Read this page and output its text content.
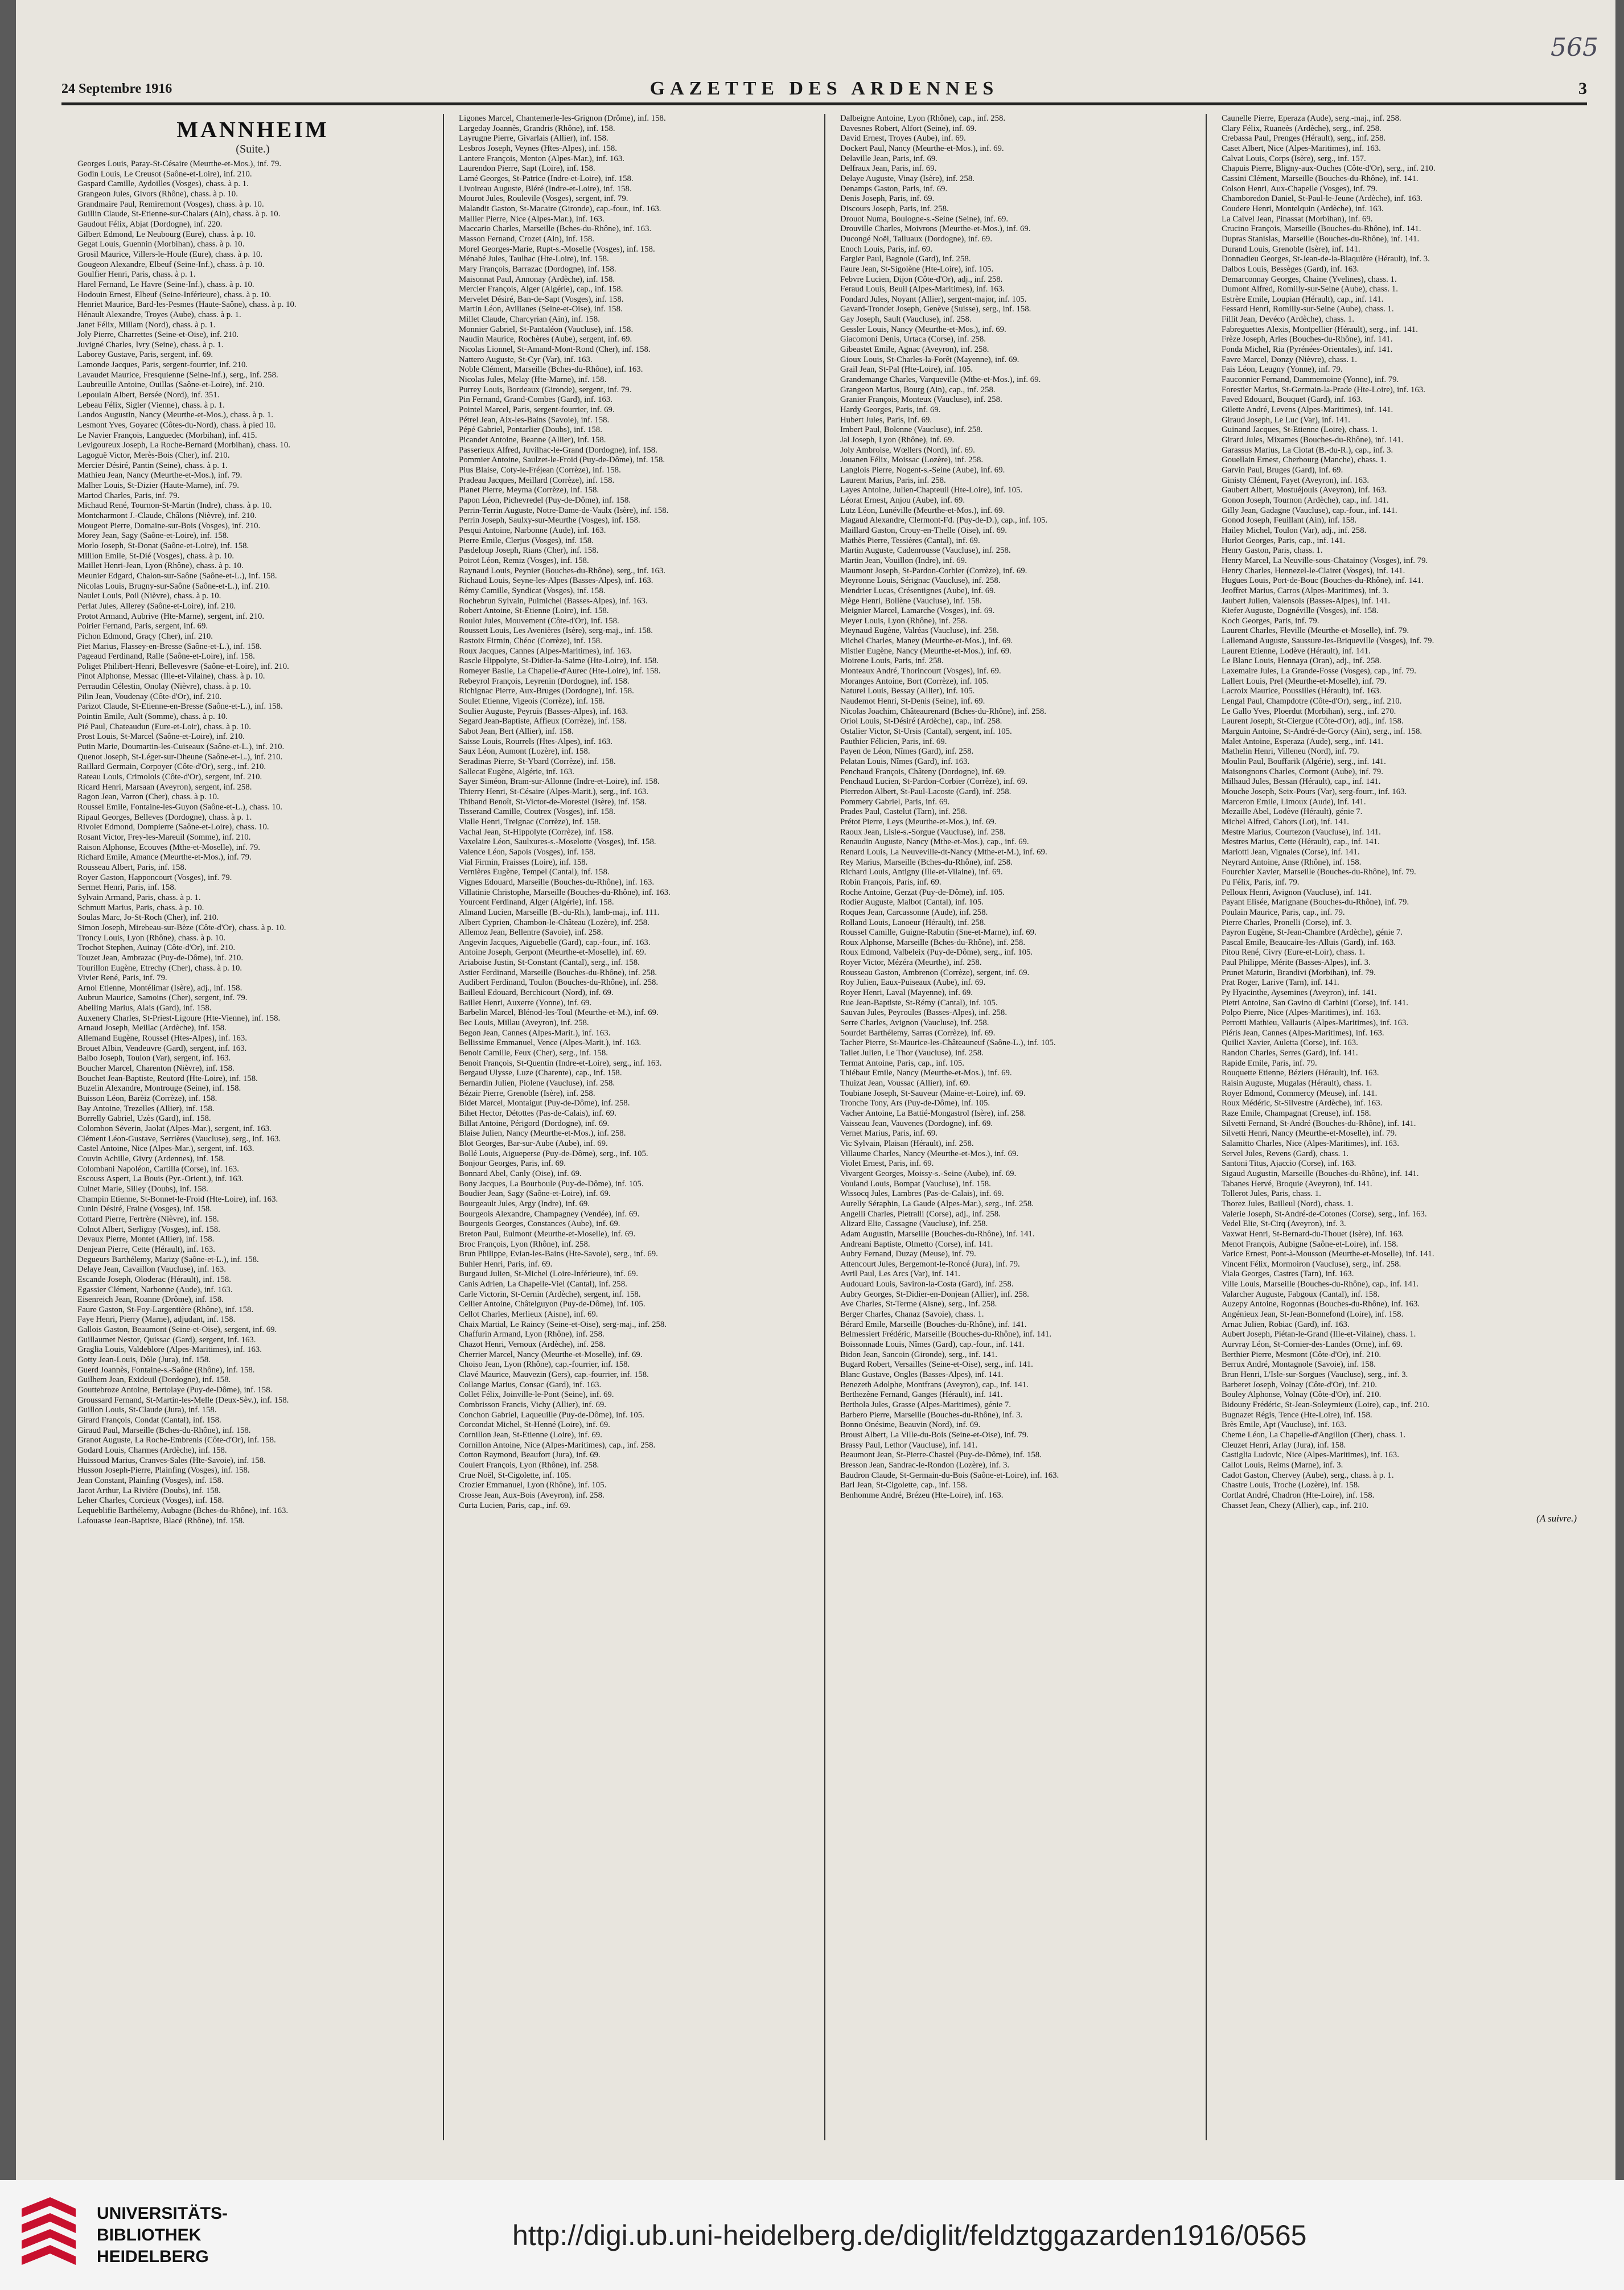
565
24 Septembre 1916	GAZETTE DES ARDENNES	3
MANNHEIM
(Suite.)
Georges Louis, Paray-St-Césaire (Meurthe-et-Mos.), inf. 79.
Godin Louis, Le Creusot (Saône-et-Loire), inf. 210.
Gaspard Camille, Aydoilles (Vosges), chass. à p. 1.
Grangeon Jules, Givors (Rhône), chass. à p. 10.
Grandmaire Paul, Remiremont (Vosges), chass. à p. 10.
Guillin Claude, St-Etienne-sur-Chalars (Ain), chass. à p. 10.
Gaudout Félix, Abjat (Dordogne), inf. 220.
Gilbert Edmond, Le Neubourg (Eure), chass. à p. 10.
Gegat Louis, Guennin (Morbihan), chass. à p. 10.
Grosil Maurice, Villers-le-Houle (Eure), chass. à p. 10.
Gougeon Alexandre, Elbeuf (Seine-Inf.), chass. à p. 10.
Goulfier Henri, Paris, chass. à p. 1.
Harel Fernand, Le Havre (Seine-Inf.), chass. à p. 10.
Hodouin Ernest, Elbeuf (Seine-Inférieure), chass. à p. 10.
Henriet Maurice, Bard-les-Pesmes (Haute-Saône), chass. à p. 10.
Hénault Alexandre, Troyes (Aube), chass. à p. 1.
Janet Félix, Millam (Nord), chass. à p. 1.
Joly Pierre, Charrettes (Seine-et-Oise), inf. 210.
Juvigné Charles, Ivry (Seine), chass. à p. 1.
Laborey Gustave, Paris, sergent, inf. 69.
Lamonde Jacques, Paris, sergent-fourrier, inf. 210.
Lavaudet Maurice, Fresquienne (Seine-Inf.), serg., inf. 258.
Laubreuille Antoine, Ouillas (Saône-et-Loire), inf. 210.
Lepoulain Albert, Bersée (Nord), inf. 351.
Lebeau Félix, Sigler (Vienne), chass. à p. 1.
Landos Augustin, Nancy (Meurthe-et-Mos.), chass. à p. 1.
Lesmont Yves, Goyarec (Côtes-du-Nord), chass. à pied 10.
Le Navier François, Languedec (Morbihan), inf. 415.
Levigoureux Joseph, La Roche-Bernard (Morbihan), chass. 10.
Lagoguë Victor, Merès-Bois (Cher), inf. 210.
Mercier Désiré, Pantin (Seine), chass. à p. 1.
Mathieu Jean, Nancy (Meurthe-et-Mos.), inf. 79.
Malher Louis, St-Dizier (Haute-Marne), inf. 79.
Martod Charles, Paris, inf. 79.
Michaud René, Tournon-St-Martin (Indre), chass. à p. 10.
Montcharmont J.-Claude, Châlons (Nièvre), inf. 210.
Mougeot Pierre, Domaine-sur-Bois (Vosges), inf. 210.
Morey Jean, Sagy (Saône-et-Loire), inf. 158.
Morlo Joseph, St-Donat (Saône-et-Loire), inf. 158.
Million Emile, St-Dié (Vosges), chass. à p. 10.
Maillet Henri-Jean, Lyon (Rhône), chass. à p. 10.
Meunier Edgard, Chalon-sur-Saône (Saône-et-L.), inf. 158.
Nicolas Louis, Brugny-sur-Saône (Saône-et-L.), inf. 210.
Naulet Louis, Poil (Nièvre), chass. à p. 10.
Perlat Jules, Allerey (Saône-et-Loire), inf. 210.
Protot Armand, Aubrive (Hte-Marne), sergent, inf. 210.
Poirier Fernand, Paris, sergent, inf. 69.
Pichon Edmond, Graçy (Cher), inf. 210.
Piet Marius, Flassey-en-Bresse (Saône-et-L.), inf. 158.
Pageaud Ferdinand, Ralle (Saône-et-Loire), inf. 158.
Poliget Philibert-Henri, Bellevesvre (Saône-et-Loire), inf. 210.
Pinot Alphonse, Messac (Ille-et-Vilaine), chass. à p. 10.
Perraudin Célestin, Onolay (Nièvre), chass. à p. 10.
Pilin Jean, Voudenay (Côte-d'Or), inf. 210.
Parizot Claude, St-Etienne-en-Bresse (Saône-et-L.), inf. 158.
Pointin Emile, Ault (Somme), chass. à p. 10.
Pié Paul, Chateaudun (Eure-et-Loir), chass. à p. 10.
Prost Louis, St-Marcel (Saône-et-Loire), inf. 210.
Putin Marie, Doumartin-les-Cuiseaux (Saône-et-L.), inf. 210.
Quenot Joseph, St-Léger-sur-Dheune (Saône-et-L.), inf. 210.
Raillard Germain, Corpoyer (Côte-d'Or), serg., inf. 210.
Rateau Louis, Crimolois (Côte-d'Or), sergent, inf. 210.
Ricard Henri, Marsaan (Aveyron), sergent, inf. 258.
Ragon Jean, Varron (Cher), chass. à p. 10.
Roussel Emile, Fontaine-les-Guyon (Saône-et-L.), chass. 10.
Ripaul Georges, Belleves (Dordogne), chass. à p. 1.
Rivolet Edmond, Dompierre (Saône-et-Loire), chass. 10.
Rosant Victor, Frey-les-Mareuil (Somme), inf. 210.
Raison Alphonse, Ecouves (Mthe-et-Moselle), inf. 79.
Richard Emile, Amance (Meurthe-et-Mos.), inf. 79.
Rousseau Albert, Paris, inf. 158.
Royer Gaston, Happoncourt (Vosges), inf. 79.
Sermet Henri, Paris, inf. 158.
Sylvain Armand, Paris, chass. à p. 1.
Schmutt Marius, Paris, chass. à p. 10.
Soulas Marc, Jo-St-Roch (Cher), inf. 210.
Simon Joseph, Mirebeau-sur-Bèze (Côte-d'Or), chass. à p. 10.
Troncy Louis, Lyon (Rhône), chass. à p. 10.
Trochot Stephen, Auinay (Côte-d'Or), inf. 210.
Touzet Jean, Ambrazac (Puy-de-Dôme), inf. 210.
Tourillon Eugène, Etrechy (Cher), chass. à p. 10.
Vivier René, Paris, inf. 79.
Arnol Etienne, Montélimar (Isère), adj., inf. 158.
Aubrun Maurice, Samoins (Cher), sergent, inf. 79.
Abeiling Marius, Alais (Gard), inf. 158.
Auxenery Charles, St-Priest-Ligoure (Hte-Vienne), inf. 158.
Arnaud Joseph, Meillac (Ardèche), inf. 158.
Allemand Eugène, Roussel (Htes-Alpes), inf. 163.
Brouet Albin, Vendeuvre (Gard), sergent, inf. 163.
Balbo Joseph, Toulon (Var), sergent, inf. 163.
Boucher Marcel, Charenton (Nièvre), inf. 158.
Bouchet Jean-Baptiste, Reutord (Hte-Loire), inf. 158.
Buzelin Alexandre, Montrouge (Seine), inf. 158.
Buisson Léon, Barèiz (Corrèze), inf. 158.
Bay Antoine, Trezelles (Allier), inf. 158.
Borrelly Gabriel, Uzès (Gard), inf. 158.
Colombon Séverin, Jaolat (Alpes-Mar.), sergent, inf. 163.
Clément Léon-Gustave, Serrières (Vaucluse), serg., inf. 163.
Castel Antoine, Nice (Alpes-Mar.), sergent, inf. 163.
Couvin Achille, Givry (Ardennes), inf. 158.
Colombani Napoléon, Cartilla (Corse), inf. 163.
Escouss Aspert, La Bouis (Pyr.-Orient.), inf. 163.
Culnet Marie, Silley (Doubs), inf. 158.
Champin Etienne, St-Bonnet-le-Froid (Hte-Loire), inf. 163.
Cunin Désiré, Fraine (Vosges), inf. 158.
Cottard Pierre, Fertrère (Nièvre), inf. 158.
Colnot Albert, Serligny (Vosges), inf. 158.
Devaux Pierre, Montet (Allier), inf. 158.
Denjean Pierre, Cette (Hérault), inf. 163.
Degueurs Barthélemy, Marizy (Saône-et-L.), inf. 158.
Delaye Jean, Cavaillon (Vaucluse), inf. 163.
Escande Joseph, Oloderac (Hérault), inf. 158.
Egassier Clément, Narbonne (Aude), inf. 163.
Eisenreich Jean, Roanne (Drôme), inf. 158.
Faure Gaston, St-Foy-Largentière (Rhône), inf. 158.
Faye Henri, Pierry (Marne), adjudant, inf. 158.
Gallois Gaston, Beaumont (Seine-et-Oise), sergent, inf. 69.
Guillaumet Nestor, Quissac (Gard), sergent, inf. 163.
Graglia Louis, Valdeblore (Alpes-Maritimes), inf. 163.
Gotty Jean-Louis, Dôle (Jura), inf. 158.
Guerd Joannès, Fontaine-s.-Saône (Rhône), inf. 158.
Guilhem Jean, Exideuil (Dordogne), inf. 158.
Gouttebroze Antoine, Bertolaye (Puy-de-Dôme), inf. 158.
Groussard Fernand, St-Martin-les-Melle (Deux-Sèv.), inf. 158.
Guillon Louis, St-Claude (Jura), inf. 158.
Girard François, Condat (Cantal), inf. 158.
Giraud Paul, Marseille (Bches-du-Rhône), inf. 158.
Granot Auguste, La Roche-Embrenis (Côte-d'Or), inf. 158.
Godard Louis, Charmes (Ardèche), inf. 158.
Huissoud Marius, Cranves-Sales (Hte-Savoie), inf. 158.
Husson Joseph-Pierre, Plainfing (Vosges), inf. 158.
Jean Constant, Plainfing (Vosges), inf. 158.
Jacot Arthur, La Rivière (Doubs), inf. 158.
Leher Charles, Corcieux (Vosges), inf. 158.
Lequeblifie Barthélemy, Aubagne (Bches-du-Rhône), inf. 163.
Lafouasse Jean-Baptiste, Blacé (Rhône), inf. 158.
Ligones Marcel, Chantemerle-les-Grignon (Drôme), inf. 158.
Largeday Joannès, Grandris (Rhône), inf. 158.
Layrugne Pierre, Givarlais (Allier), inf. 158.
Lesbros Joseph, Veynes (Htes-Alpes), inf. 158.
Lantere François, Menton (Alpes-Mar.), inf. 163.
Laurendon Pierre, Sapt (Loire), inf. 158.
Lamé Georges, St-Patrice (Indre-et-Loire), inf. 158.
Livoireau Auguste, Bléré (Indre-et-Loire), inf. 158.
Mourot Jules, Roulevile (Vosges), sergent, inf. 79.
Malandit Gaston, St-Macaire (Gironde), cap.-four., inf. 163.
Mallier Pierre, Nice (Alpes-Mar.), inf. 163.
Maccario Charles, Marseille (Bches-du-Rhône), inf. 163.
Masson Fernand, Crozet (Ain), inf. 158.
Morel Georges-Marie, Rupt-s.-Moselle (Vosges), inf. 158.
Ménabé Jules, Taulhac (Hte-Loire), inf. 158.
Mary François, Barrazac (Dordogne), inf. 158.
Maisonnat Paul, Annonay (Ardèche), inf. 158.
Mercier François, Alger (Algérie), cap., inf. 158.
Mervelet Désiré, Ban-de-Sapt (Vosges), inf. 158.
Martin Léon, Avillanes (Seine-et-Oise), inf. 158.
Millet Claude, Charcyrian (Ain), inf. 158.
Monnier Gabriel, St-Pantaléon (Vaucluse), inf. 158.
Naudin Maurice, Rochères (Aube), sergent, inf. 69.
Nicolas Lionnel, St-Amand-Mont-Rond (Cher), inf. 158.
Nattero Auguste, St-Cyr (Var), inf. 163.
Noble Clément, Marseille (Bches-du-Rhône), inf. 163.
Nicolas Jules, Melay (Hte-Marne), inf. 158.
Purrey Louis, Bordeaux (Gironde), sergent, inf. 79.
Pin Fernand, Grand-Combes (Gard), inf. 163.
Pointel Marcel, Paris, sergent-fourrier, inf. 69.
Pétrel Jean, Aix-les-Bains (Savoie), inf. 158.
Pépé Gabriel, Pontarlier (Doubs), inf. 158.
Picandet Antoine, Beanne (Allier), inf. 158.
Passerieux Alfred, Juvilhac-le-Grand (Dordogne), inf. 158.
Pommier Antoine, Saulzet-le-Froid (Puy-de-Dôme), inf. 158.
Pius Blaise, Coty-le-Fréjean (Corrèze), inf. 158.
Pradeau Jacques, Meillard (Corrèze), inf. 158.
Pianet Pierre, Meyma (Corrèze), inf. 158.
Papon Léon, Pichevredel (Puy-de-Dôme), inf. 158.
Perrin-Terrin Auguste, Notre-Dame-de-Vaulx (Isère), inf. 158.
Perrin Joseph, Saulxy-sur-Meurthe (Vosges), inf. 158.
Pesqui Antoine, Narbonne (Aude), inf. 163.
Pierre Emile, Clerjus (Vosges), inf. 158.
Pasdeloup Joseph, Rians (Cher), inf. 158.
Poirot Léon, Remiz (Vosges), inf. 158.
Raynaud Louis, Peynier (Bouches-du-Rhône), serg., inf. 163.
Richaud Louis, Seyne-les-Alpes (Basses-Alpes), inf. 163.
Rémy Camille, Syndicat (Vosges), inf. 158.
Rochebrun Sylvain, Puimichel (Basses-Alpes), inf. 163.
Robert Antoine, St-Etienne (Loire), inf. 158.
Roulot Jules, Mouvement (Côte-d'Or), inf. 158.
Roussett Louis, Les Avenières (Isère), serg-maj., inf. 158.
Rastoix Firmin, Chéoc (Corrèze), inf. 158.
Roux Jacques, Cannes (Alpes-Maritimes), inf. 163.
Rascle Hippolyte, St-Didier-la-Saime (Hte-Loire), inf. 158.
Romeyer Basile, La Chapelle-d'Aurec (Hte-Loire), inf. 158.
Rebeyrol François, Leyrenin (Dordogne), inf. 158.
Richignac Pierre, Aux-Bruges (Dordogne), inf. 158.
Soulet Etienne, Vigeois (Corrèze), inf. 158.
Soulier Auguste, Peyruis (Basses-Alpes), inf. 163.
Segard Jean-Baptiste, Affieux (Corrèze), inf. 158.
Sabot Jean, Bert (Allier), inf. 158.
Saisse Louis, Rourrels (Htes-Alpes), inf. 163.
Saux Léon, Aumont (Lozère), inf. 158.
Seradinas Pierre, St-Ybard (Corrèze), inf. 158.
Sallecat Eugène, Algérie, inf. 163.
Sayer Siméon, Bram-sur-Allonne (Indre-et-Loire), inf. 158.
Thierry Henri, St-Césaire (Alpes-Marit.), serg., inf. 163.
Thiband Benoît, St-Victor-de-Morestel (Isère), inf. 158.
Tisserand Camille, Coutrex (Vosges), inf. 158.
Vialle Henri, Treignac (Corrèze), inf. 158.
Vachal Jean, St-Hippolyte (Corrèze), inf. 158.
Vaxelaire Léon, Saulxures-s.-Moselotte (Vosges), inf. 158.
Valence Léon, Sapois (Vosges), inf. 158.
Vial Firmin, Fraisses (Loire), inf. 158.
Vernières Eugène, Tempel (Cantal), inf. 158.
Vignes Edouard, Marseille (Bouches-du-Rhône), inf. 163.
Villatinie Christophe, Marseille (Bouches-du-Rhône), inf. 163.
Yourcent Ferdinand, Alger (Algérie), inf. 158.
Almand Lucien, Marseille (B.-du-Rh.), lamb-maj., inf. 111.
Albert Cyprien, Chambon-le-Château (Lozère), inf. 258.
Allemoz Jean, Bellentre (Savoie), inf. 258.
Angevin Jacques, Aiguebelle (Gard), cap.-four., inf. 163.
Antoine Joseph, Gerpont (Meurthe-et-Moselle), inf. 69.
Ariaboise Justin, St-Constant (Cantal), serg., inf. 158.
Astier Ferdinand, Marseille (Bouches-du-Rhône), inf. 258.
Audibert Ferdinand, Toulon (Bouches-du-Rhône), inf. 258.
Bailleul Edouard, Berchicourt (Nord), inf. 69.
Baillet Henri, Auxerre (Yonne), inf. 69.
Barbelin Marcel, Blénod-les-Toul (Meurthe-et-M.), inf. 69.
Bec Louis, Millau (Aveyron), inf. 258.
Begon Jean, Cannes (Alpes-Marit.), inf. 163.
Bellissime Emmanuel, Vence (Alpes-Marit.), inf. 163.
Benoit Camille, Feux (Cher), serg., inf. 158.
Benoit François, St-Quentin (Indre-et-Loire), serg., inf. 163.
Bergaud Ulysse, Luze (Charente), cap., inf. 158.
Bernardin Julien, Piolene (Vaucluse), inf. 258.
Bézair Pierre, Grenoble (Isère), inf. 258.
Bidet Marcel, Montaigut (Puy-de-Dôme), inf. 258.
Bihet Hector, Détottes (Pas-de-Calais), inf. 69.
Billat Antoine, Périgord (Dordogne), inf. 69.
Blaise Julien, Nancy (Meurthe-et-Mos.), inf. 258.
Blot Georges, Bar-sur-Aube (Aube), inf. 69.
Bollé Louis, Aigueperse (Puy-de-Dôme), serg., inf. 105.
Bonjour Georges, Paris, inf. 69.
Bonnard Abel, Canly (Oise), inf. 69.
Bony Jacques, La Bourboule (Puy-de-Dôme), inf. 105.
Boudier Jean, Sagy (Saône-et-Loire), inf. 69.
Bourgeault Jules, Argy (Indre), inf. 69.
Bourgeois Alexandre, Champagney (Vendée), inf. 69.
Bourgeois Georges, Constances (Aube), inf. 69.
Breton Paul, Eulmont (Meurthe-et-Moselle), inf. 69.
Broc François, Lyon (Rhône), inf. 258.
Brun Philippe, Evian-les-Bains (Hte-Savoie), serg., inf. 69.
Buhler Henri, Paris, inf. 69.
Burgaud Julien, St-Michel (Loire-Inférieure), inf. 69.
Canis Adrien, La Chapelle-Viel (Cantal), inf. 258.
Carle Victorin, St-Cernin (Ardèche), sergent, inf. 158.
Cellier Antoine, Châtelguyon (Puy-de-Dôme), inf. 105.
Cellot Charles, Merlieux (Aisne), inf. 69.
Chaix Martial, Le Raincy (Seine-et-Oise), serg-maj., inf. 258.
Chaffurin Armand, Lyon (Rhône), inf. 258.
Chazot Henri, Vernoux (Ardèche), inf. 258.
Cherrier Marcel, Nancy (Meurthe-et-Moselle), inf. 69.
Choiso Jean, Lyon (Rhône), cap.-fourrier, inf. 158.
Clavé Maurice, Mauvezin (Gers), cap.-fourrier, inf. 158.
Collange Marius, Consac (Gard), inf. 163.
Collet Félix, Joinville-le-Pont (Seine), inf. 69.
Combrisson Francis, Vichy (Allier), inf. 69.
Conchon Gabriel, Laqueuille (Puy-de-Dôme), inf. 105.
Corcondat Michel, St-Henné (Loire), inf. 69.
Cornillon Jean, St-Etienne (Loire), inf. 69.
Cornillon Antoine, Nice (Alpes-Maritimes), cap., inf. 258.
Cotton Raymond, Beaufort (Jura), inf. 69.
Coulert François, Lyon (Rhône), inf. 258.
Crue Noël, St-Cigolette, inf. 105.
Crozier Emmanuel, Lyon (Rhône), inf. 105.
Crosse Jean, Aux-Bois (Aveyron), inf. 258.
Curta Lucien, Paris, cap., inf. 69.
Dalbeigne Antoine, Lyon (Rhône), cap., inf. 258.
Davesnes Robert, Alfort (Seine), inf. 69.
David Ernest, Troyes (Aube), inf. 69.
Dockert Paul, Nancy (Meurthe-et-Mos.), inf. 69.
Delaville Jean, Paris, inf. 69.
Delfraux Jean, Paris, inf. 69.
Delaye Auguste, Vinay (Isère), inf. 258.
Denamps Gaston, Paris, inf. 69.
Denis Joseph, Paris, inf. 69.
Discours Joseph, Paris, inf. 258.
Drouot Numa, Boulogne-s.-Seine (Seine), inf. 69.
Drouville Charles, Moivrons (Meurthe-et-Mos.), inf. 69.
Ducongé Noël, Talluaux (Dordogne), inf. 69.
Enoch Louis, Paris, inf. 69.
Fargier Paul, Bagnole (Gard), inf. 258.
Faure Jean, St-Sigolène (Hte-Loire), inf. 105.
Febvre Lucien, Dijon (Côte-d'Or), adj., inf. 258.
Feraud Louis, Beuil (Alpes-Maritimes), inf. 163.
Fondard Jules, Noyant (Allier), sergent-major, inf. 105.
Gavard-Trondet Joseph, Genève (Suisse), serg., inf. 158.
Gay Joseph, Sault (Vaucluse), inf. 258.
Gessler Louis, Nancy (Meurthe-et-Mos.), inf. 69.
Giacomoni Denis, Urtaca (Corse), inf. 258.
Gibeastet Emile, Agnac (Aveyron), inf. 258.
Gioux Louis, St-Charles-la-Forêt (Mayenne), inf. 69.
Grail Jean, St-Pal (Hte-Loire), inf. 105.
Grandemange Charles, Varqueville (Mthe-et-Mos.), inf. 69.
Grangeon Marius, Bourg (Ain), cap., inf. 258.
Granier François, Monteux (Vaucluse), inf. 258.
Hardy Georges, Paris, inf. 69.
Hubert Jules, Paris, inf. 69.
Imbert Paul, Bolenne (Vaucluse), inf. 258.
Jal Joseph, Lyon (Rhône), inf. 69.
Joly Ambroise, Wœllers (Nord), inf. 69.
Jouanen Félix, Moissac (Lozère), inf. 258.
Langlois Pierre, Nogent-s.-Seine (Aube), inf. 69.
Laurent Marius, Paris, inf. 258.
Layes Antoine, Julien-Chapteuil (Hte-Loire), inf. 105.
Léorat Ernest, Anjou (Aube), inf. 69.
Lutz Léon, Lunéville (Meurthe-et-Mos.), inf. 69.
Magaud Alexandre, Clermont-Fd. (Puy-de-D.), cap., inf. 105.
Maillard Gaston, Crouy-en-Thelle (Oise), inf. 69.
Mathès Pierre, Tessières (Cantal), inf. 69.
Martin Auguste, Cadenrousse (Vaucluse), inf. 258.
Martin Jean, Vouillon (Indre), inf. 69.
Maumont Joseph, St-Pardon-Corbier (Corrèze), inf. 69.
Meyronne Louis, Sérignac (Vaucluse), inf. 258.
Mendrier Lucas, Crésentignes (Aube), inf. 69.
Mège Henri, Bollène (Vaucluse), inf. 158.
Meignier Marcel, Lamarche (Vosges), inf. 69.
Meyer Louis, Lyon (Rhône), inf. 258.
Meynaud Eugène, Valréas (Vaucluse), inf. 258.
Michel Charles, Maney (Meurthe-et-Mos.), inf. 69.
Mistler Eugène, Nancy (Meurthe-et-Mos.), inf. 69.
Moirene Louis, Paris, inf. 258.
Monteaux André, Thorincourt (Vosges), inf. 69.
Moranges Antoine, Bort (Corrèze), inf. 105.
Naturel Louis, Bessay (Allier), inf. 105.
Naudemot Henri, St-Denis (Seine), inf. 69.
Nicolas Joachim, Châteaurenard (Bches-du-Rhône), inf. 258.
Oriol Louis, St-Désiré (Ardèche), cap., inf. 258.
Ostalier Victor, St-Ursis (Cantal), sergent, inf. 105.
Pauthier Félicien, Paris, inf. 69.
Payen de Léon, Nîmes (Gard), inf. 258.
Pelatan Louis, Nîmes (Gard), inf. 163.
Penchaud François, Châteny (Dordogne), inf. 69.
Penchaud Lucien, St-Pardon-Corbier (Corrèze), inf. 69.
Pierredon Albert, St-Paul-Lacoste (Gard), inf. 258.
Pommery Gabriel, Paris, inf. 69.
Prades Paul, Castelut (Tarn), inf. 258.
Prétot Pierre, Leys (Meurthe-et-Mos.), inf. 69.
Raoux Jean, Lisle-s.-Sorgue (Vaucluse), inf. 258.
Renaudin Auguste, Nancy (Mthe-et-Mos.), cap., inf. 69.
Renard Louis, La Neuveville-dt-Nancy (Mthe-et-M.), inf. 69.
Rey Marius, Marseille (Bches-du-Rhône), inf. 258.
Richard Louis, Antigny (Ille-et-Vilaine), inf. 69.
Robin François, Paris, inf. 69.
Roche Antoine, Gerzat (Puy-de-Dôme), inf. 105.
Rodier Auguste, Malbot (Cantal), inf. 105.
Roques Jean, Carcassonne (Aude), inf. 258.
Rolland Louis, Lanoeur (Hérault), inf. 258.
Roussel Camille, Guigne-Rabutin (Sne-et-Marne), inf. 69.
Roux Alphonse, Marseille (Bches-du-Rhône), inf. 258.
Roux Edmond, Valbeleix (Puy-de-Dôme), serg., inf. 105.
Royer Victor, Mézéra (Meurthe), inf. 258.
Rousseau Gaston, Ambrenon (Corrèze), sergent, inf. 69.
Roy Julien, Eaux-Puiseaux (Aube), inf. 69.
Royer Henri, Laval (Mayenne), inf. 69.
Rue Jean-Baptiste, St-Rémy (Cantal), inf. 105.
Sauvan Jules, Peyroules (Basses-Alpes), inf. 258.
Serre Charles, Avignon (Vaucluse), inf. 258.
Sourdet Barthélemy, Sarras (Corrèze), inf. 69.
Tacher Pierre, St-Maurice-les-Châteauneuf (Saône-L.), inf. 105.
Tallet Julien, Le Thor (Vaucluse), inf. 258.
Termat Antoine, Paris, cap., inf. 105.
Thiébaut Emile, Nancy (Meurthe-et-Mos.), inf. 69.
Thuizat Jean, Voussac (Allier), inf. 69.
Toubiane Joseph, St-Sauveur (Maine-et-Loire), inf. 69.
Tronche Tony, Ars (Puy-de-Dôme), inf. 105.
Vacher Antoine, La Battié-Mongastrol (Isère), inf. 258.
Vaisseau Jean, Vauvenes (Dordogne), inf. 69.
Vernet Marius, Paris, inf. 69.
Vic Sylvain, Plaisan (Hérault), inf. 258.
Villaume Charles, Nancy (Meurthe-et-Mos.), inf. 69.
Violet Ernest, Paris, inf. 69.
Vivargent Georges, Moissy-s.-Seine (Aube), inf. 69.
Vouland Louis, Bompat (Vaucluse), inf. 158.
Wissocq Jules, Lambres (Pas-de-Calais), inf. 69.
Aurelly Séraphin, La Gaude (Alpes-Mar.), serg., inf. 258.
Angelli Charles, Pietralli (Corse), adj., inf. 258.
Alizard Elie, Cassagne (Vaucluse), inf. 258.
Adam Augustin, Marseille (Bouches-du-Rhône), inf. 141.
Andreani Baptiste, Olmetto (Corse), inf. 141.
Aubry Fernand, Duzay (Meuse), inf. 79.
Attencourt Jules, Bergemont-le-Roncé (Jura), inf. 79.
Avril Paul, Les Arcs (Var), inf. 141.
Audouard Louis, Saviron-la-Costa (Gard), inf. 258.
Aubry Georges, St-Didier-en-Donjean (Allier), inf. 258.
Ave Charles, St-Terme (Aisne), serg., inf. 258.
Berger Charles, Chanaz (Savoie), chass. 1.
Bérard Emile, Marseille (Bouches-du-Rhône), inf. 141.
Belmessiert Frédéric, Marseille (Bouches-du-Rhône), inf. 141.
Boissonnade Louis, Nîmes (Gard), cap.-four., inf. 141.
Bidon Jean, Sancoin (Gironde), serg., inf. 141.
Bugard Robert, Versailles (Seine-et-Oise), serg., inf. 141.
Blanc Gustave, Ongles (Basses-Alpes), inf. 141.
Benezeth Adolphe, Montfrans (Aveyron), cap., inf. 141.
Berthezène Fernand, Ganges (Hérault), inf. 141.
Berthola Jules, Grasse (Alpes-Maritimes), génie 7.
Barbero Pierre, Marseille (Bouches-du-Rhône), inf. 3.
Bonno Onésime, Beauvin (Nord), inf. 69.
Broust Albert, La Ville-du-Bois (Seine-et-Oise), inf. 79.
Brassy Paul, Lethor (Vaucluse), inf. 141.
Beaumont Jean, St-Pierre-Chastel (Puy-de-Dôme), inf. 158.
Bresson Jean, Sandrac-le-Rondon (Lozère), inf. 3.
Baudron Claude, St-Germain-du-Bois (Saône-et-Loire), inf. 163.
Barl Jean, St-Cigolette, cap., inf. 158.
Benhomme André, Brézeu (Hte-Loire), inf. 163.
Caunelle Pierre, Eperaza (Aude), serg.-maj., inf. 258.
Clary Félix, Ruaneès (Ardèche), serg., inf. 258.
Crebassa Paul, Prenges (Hérault), serg., inf. 258.
Caset Albert, Nice (Alpes-Maritimes), inf. 163.
Calvat Louis, Corps (Isère), serg., inf. 157.
Chapuis Pierre, Bligny-aux-Ouches (Côte-d'Or), serg., inf. 210.
Cassini Clément, Marseille (Bouches-du-Rhône), inf. 141.
Colson Henri, Aux-Chapelle (Vosges), inf. 79.
Chamboredon Daniel, St-Paul-le-Jeune (Ardèche), inf. 163.
Coudere Henri, Montelquin (Ardèche), inf. 163.
La Calvel Jean, Pinassat (Morbihan), inf. 69.
Crucino François, Marseille (Bouches-du-Rhône), inf. 141.
Dupras Stanislas, Marseille (Bouches-du-Rhône), inf. 141.
Durand Louis, Grenoble (Isère), inf. 141.
Donnadieu Georges, St-Jean-de-la-Blaquière (Hérault), inf. 3.
Dalbos Louis, Bessèges (Gard), inf. 163.
Demarconnay Georges, Chaine (Yvelines), chass. 1.
Dumont Alfred, Romilly-sur-Seine (Aube), chass. 1.
Estrère Emile, Loupian (Hérault), cap., inf. 141.
Fessard Henri, Romilly-sur-Seine (Aube), chass. 1.
Fillit Jean, Devéco (Ardèche), chass. 1.
Fabreguettes Alexis, Montpellier (Hérault), serg., inf. 141.
Frèze Joseph, Arles (Bouches-du-Rhône), inf. 141.
Fonda Michel, Ria (Pyrénées-Orientales), inf. 141.
Favre Marcel, Donzy (Nièvre), chass. 1.
Fais Léon, Leugny (Yonne), inf. 79.
Fauconnier Fernand, Dammemoine (Yonne), inf. 79.
Forestier Marius, St-Germain-la-Prade (Hte-Loire), inf. 163.
Faved Edouard, Bouquet (Gard), inf. 163.
Gilette André, Levens (Alpes-Maritimes), inf. 141.
Giraud Joseph, Le Luc (Var), inf. 141.
Guinand Jacques, St-Etienne (Loire), chass. 1.
Girard Jules, Mixames (Bouches-du-Rhône), inf. 141.
Garassus Marius, La Ciotat (B.-du-R.), cap., inf. 3.
Gouellain Ernest, Cherbourg (Manche), chass. 1.
Garvin Paul, Bruges (Gard), inf. 69.
Ginisty Clément, Fayet (Aveyron), inf. 163.
Gaubert Albert, Mostuéjouls (Aveyron), inf. 163.
Gonon Joseph, Tournon (Ardèche), cap., inf. 141.
Gilly Jean, Gadagne (Vaucluse), cap.-four., inf. 141.
Gonod Joseph, Feuillant (Ain), inf. 158.
Hailey Michel, Toulon (Var), adj., inf. 258.
Hurlot Georges, Paris, cap., inf. 141.
Henry Gaston, Paris, chass. 1.
Henry Marcel, La Neuville-sous-Chatainoy (Vosges), inf. 79.
Henry Charles, Hennezel-le-Clairet (Vosges), inf. 141.
Hugues Louis, Port-de-Bouc (Bouches-du-Rhône), inf. 141.
Jeoffret Marius, Carros (Alpes-Maritimes), inf. 3.
Jaubert Julien, Valensols (Basses-Alpes), inf. 141.
Kiefer Auguste, Dognéville (Vosges), inf. 158.
Koch Georges, Paris, inf. 79.
Laurent Charles, Fleville (Meurthe-et-Moselle), inf. 79.
Lallemand Auguste, Saussure-les-Briqueville (Vosges), inf. 79.
Laurent Etienne, Lodève (Hérault), inf. 141.
Le Blanc Louis, Hennaya (Oran), adj., inf. 258.
Laxemaire Jules, La Grande-Fosse (Vosges), cap., inf. 79.
Lallert Louis, Prel (Meurthe-et-Moselle), inf. 79.
Lacroix Maurice, Poussilles (Hérault), inf. 163.
Lengal Paul, Champdotre (Côte-d'Or), serg., inf. 210.
Le Gallo Yves, Ploerdut (Morbihan), serg., inf. 270.
Laurent Joseph, St-Ciergue (Côte-d'Or), adj., inf. 158.
Marguin Antoine, St-André-de-Gorcy (Ain), serg., inf. 158.
Malet Antoine, Esperaza (Aude), serg., inf. 141.
Mathelin Henri, Villeneu (Nord), inf. 79.
Moulin Paul, Bouffarik (Algérie), serg., inf. 141.
Maisongnons Charles, Cormont (Aube), inf. 79.
Milhaud Jules, Bessan (Hérault), cap., inf. 141.
Mouche Joseph, Seix-Pours (Var), serg-fourr., inf. 163.
Marceron Emile, Limoux (Aude), inf. 141.
Mezaille Abel, Lodève (Hérault), génie 7.
Michel Alfred, Cahors (Lot), inf. 141.
Mestre Marius, Courtezon (Vaucluse), inf. 141.
Mestres Marius, Cette (Hérault), cap., inf. 141.
Mariotti Jean, Vignales (Corse), inf. 141.
Neyrard Antoine, Anse (Rhône), inf. 158.
Fourchier Xavier, Marseille (Bouches-du-Rhône), inf. 79.
Pu Félix, Paris, inf. 79.
Pelloux Henri, Avignon (Vaucluse), inf. 141.
Payant Elisée, Marignane (Bouches-du-Rhône), inf. 79.
Poulain Maurice, Paris, cap., inf. 79.
Pierre Charles, Pronelli (Corse), inf. 3.
Payron Eugène, St-Jean-Chambre (Ardèche), génie 7.
Pascal Emile, Beaucaire-les-Alluis (Gard), inf. 163.
Pitou René, Civry (Eure-et-Loir), chass. 1.
Paul Philippe, Mérite (Basses-Alpes), inf. 3.
Prunet Maturin, Brandivi (Morbihan), inf. 79.
Prat Roger, Larive (Tarn), inf. 141.
Py Hyacinthe, Aysemines (Aveyron), inf. 141.
Pietri Antoine, San Gavino di Carbini (Corse), inf. 141.
Polpo Pierre, Nice (Alpes-Maritimes), inf. 163.
Perrotti Mathieu, Vallauris (Alpes-Maritimes), inf. 163.
Piéris Jean, Cannes (Alpes-Maritimes), inf. 163.
Quilici Xavier, Auletta (Corse), inf. 163.
Randon Charles, Serres (Gard), inf. 141.
Rapide Emile, Paris, inf. 79.
Rouquette Etienne, Béziers (Hérault), inf. 163.
Raisin Auguste, Mugalas (Hérault), chass. 1.
Royer Edmond, Commercy (Meuse), inf. 141.
Roux Médéric, St-Silvestre (Ardèche), inf. 163.
Raze Emile, Champagnat (Creuse), inf. 158.
Silvetti Fernand, St-André (Bouches-du-Rhône), inf. 141.
Silvetti Henri, Nancy (Meurthe-et-Moselle), inf. 79.
Salamitto Charles, Nice (Alpes-Maritimes), inf. 163.
Servel Jules, Revens (Gard), chass. 1.
Santoni Titus, Ajaccio (Corse), inf. 163.
Sigaud Augustin, Marseille (Bouches-du-Rhône), inf. 141.
Tabanes Hervé, Broquie (Aveyron), inf. 141.
Tollerot Jules, Paris, chass. 1.
Thorez Jules, Bailleul (Nord), chass. 1.
Valerie Joseph, St-André-de-Cotones (Corse), serg., inf. 163.
Vedel Elie, St-Cirq (Aveyron), inf. 3.
Vaxwat Henri, St-Bernard-du-Thouet (Isère), inf. 163.
Menot François, Aubigne (Saône-et-Loire), inf. 158.
Varice Ernest, Pont-à-Mousson (Meurthe-et-Moselle), inf. 141.
Vincent Félix, Mormoiron (Vaucluse), serg., inf. 258.
Viala Georges, Castres (Tarn), inf. 163.
Ville Louis, Marseille (Bouches-du-Rhône), cap., inf. 141.
Valarcher Auguste, Fabgoux (Cantal), inf. 158.
Auzepy Antoine, Rogonnas (Bouches-du-Rhône), inf. 163.
Angénieux Jean, St-Jean-Bonnefond (Loire), inf. 158.
Arnac Julien, Robiac (Gard), inf. 163.
Aubert Joseph, Piétan-le-Grand (Ille-et-Vilaine), chass. 1.
Aurvray Léon, St-Cornier-des-Landes (Orne), inf. 69.
Berthier Pierre, Mesmont (Côte-d'Or), inf. 210.
Berrux André, Montagnole (Savoie), inf. 158.
Brun Henri, L'Isle-sur-Sorgues (Vaucluse), serg., inf. 3.
Barberet Joseph, Volnay (Côte-d'Or), inf. 210.
Bouley Alphonse, Volnay (Côte-d'Or), inf. 210.
Bidouny Frédéric, St-Jean-Soleymieux (Loire), cap., inf. 210.
Bugnazet Régis, Tence (Hte-Loire), inf. 158.
Brès Emile, Apt (Vaucluse), inf. 163.
Cheme Léon, La Chapelle-d'Angillon (Cher), chass. 1.
Cleuzet Henri, Arlay (Jura), inf. 158.
Castiglia Ludovic, Nice (Alpes-Maritimes), inf. 163.
Callot Louis, Reims (Marne), inf. 3.
Cadot Gaston, Chervey (Aube), serg., chass. à p. 1.
Chastre Louis, Troche (Lozère), inf. 158.
Cortlat André, Chadron (Hte-Loire), inf. 158.
Chasset Jean, Chezy (Allier), cap., inf. 210.
(A suivre.)
UNIVERSITÄTS-
BIBLIOTHEK
HEIDELBERG
http://digi.ub.uni-heidelberg.de/diglit/feldztggazarden1916/0565
